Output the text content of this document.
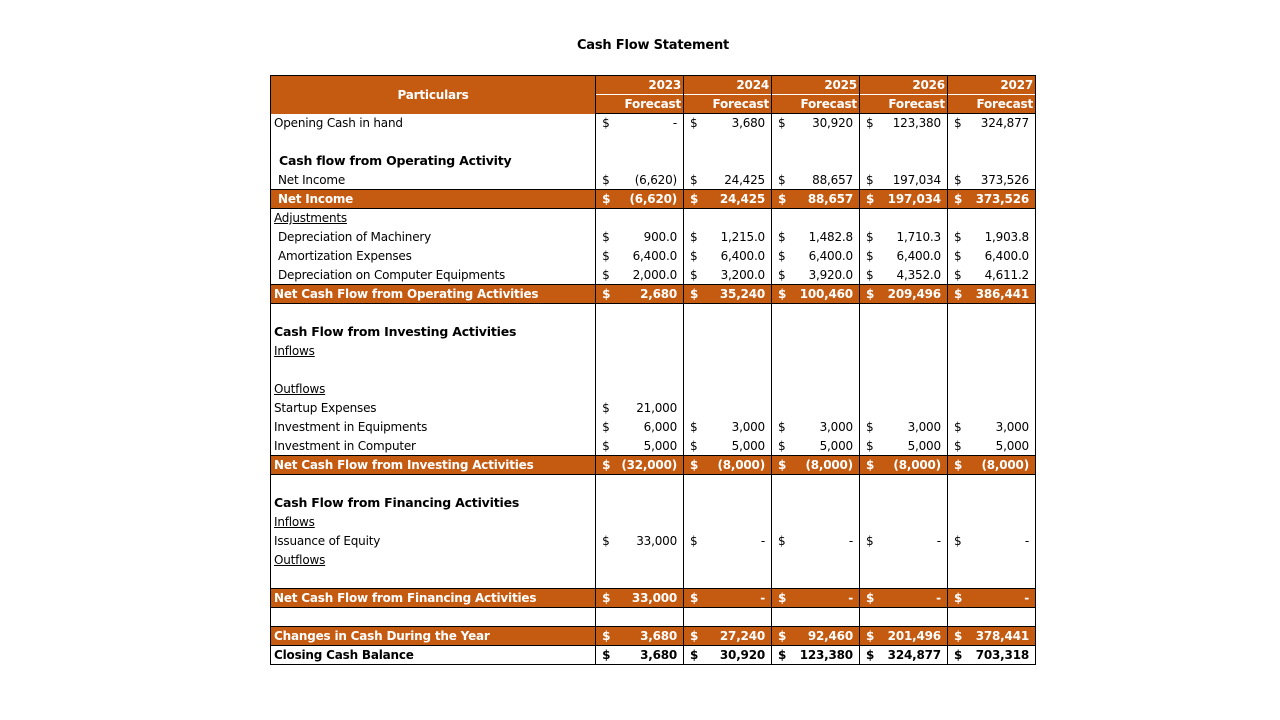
Cash Flow Statement
Particulars	2023		2024		2025		2026		2027	
	Forecast		Forecast		Forecast		Forecast		Forecast	
Opening Cash in hand	$	-	$	3,680	$	30,920	$	123,380	$	324,877

Cash flow from Operating Activity										
Net Income	$	(6,620)	$	24,425	$	88,657	$	197,034	$	373,526
Net Income	$	(6,620)	$	24,425	$	88,657	$	197,034	$	373,526
Adjustments										
Depreciation of Machinery	$	900.0	$	1,215.0	$	1,482.8	$	1,710.3	$	1,903.8
Amortization Expenses	$	6,400.0	$	6,400.0	$	6,400.0	$	6,400.0	$	6,400.0
Depreciation on Computer Equipments	$	2,000.0	$	3,200.0	$	3,920.0	$	4,352.0	$	4,611.2
Net Cash Flow from Operating Activities	$	2,680	$	35,240	$	100,460	$	209,496	$	386,441

Cash Flow from Investing Activities										
Inflows										

Outflows										
Startup Expenses	$	21,000								
Investment in Equipments	$	6,000	$	3,000	$	3,000	$	3,000	$	3,000
Investment in Computer	$	5,000	$	5,000	$	5,000	$	5,000	$	5,000
Net Cash Flow from Investing Activities	$	(32,000)	$	(8,000)	$	(8,000)	$	(8,000)	$	(8,000)

Cash Flow from Financing Activities										
Inflows										
Issuance of Equity	$	33,000	$	-	$	-	$	-	$	-
Outflows										

Net Cash Flow from Financing Activities	$	33,000	$	-	$	-	$	-	$	-

Changes in Cash During the Year	$	3,680	$	27,240	$	92,460	$	201,496	$	378,441
Closing Cash Balance	$	3,680	$	30,920	$	123,380	$	324,877	$	703,318
